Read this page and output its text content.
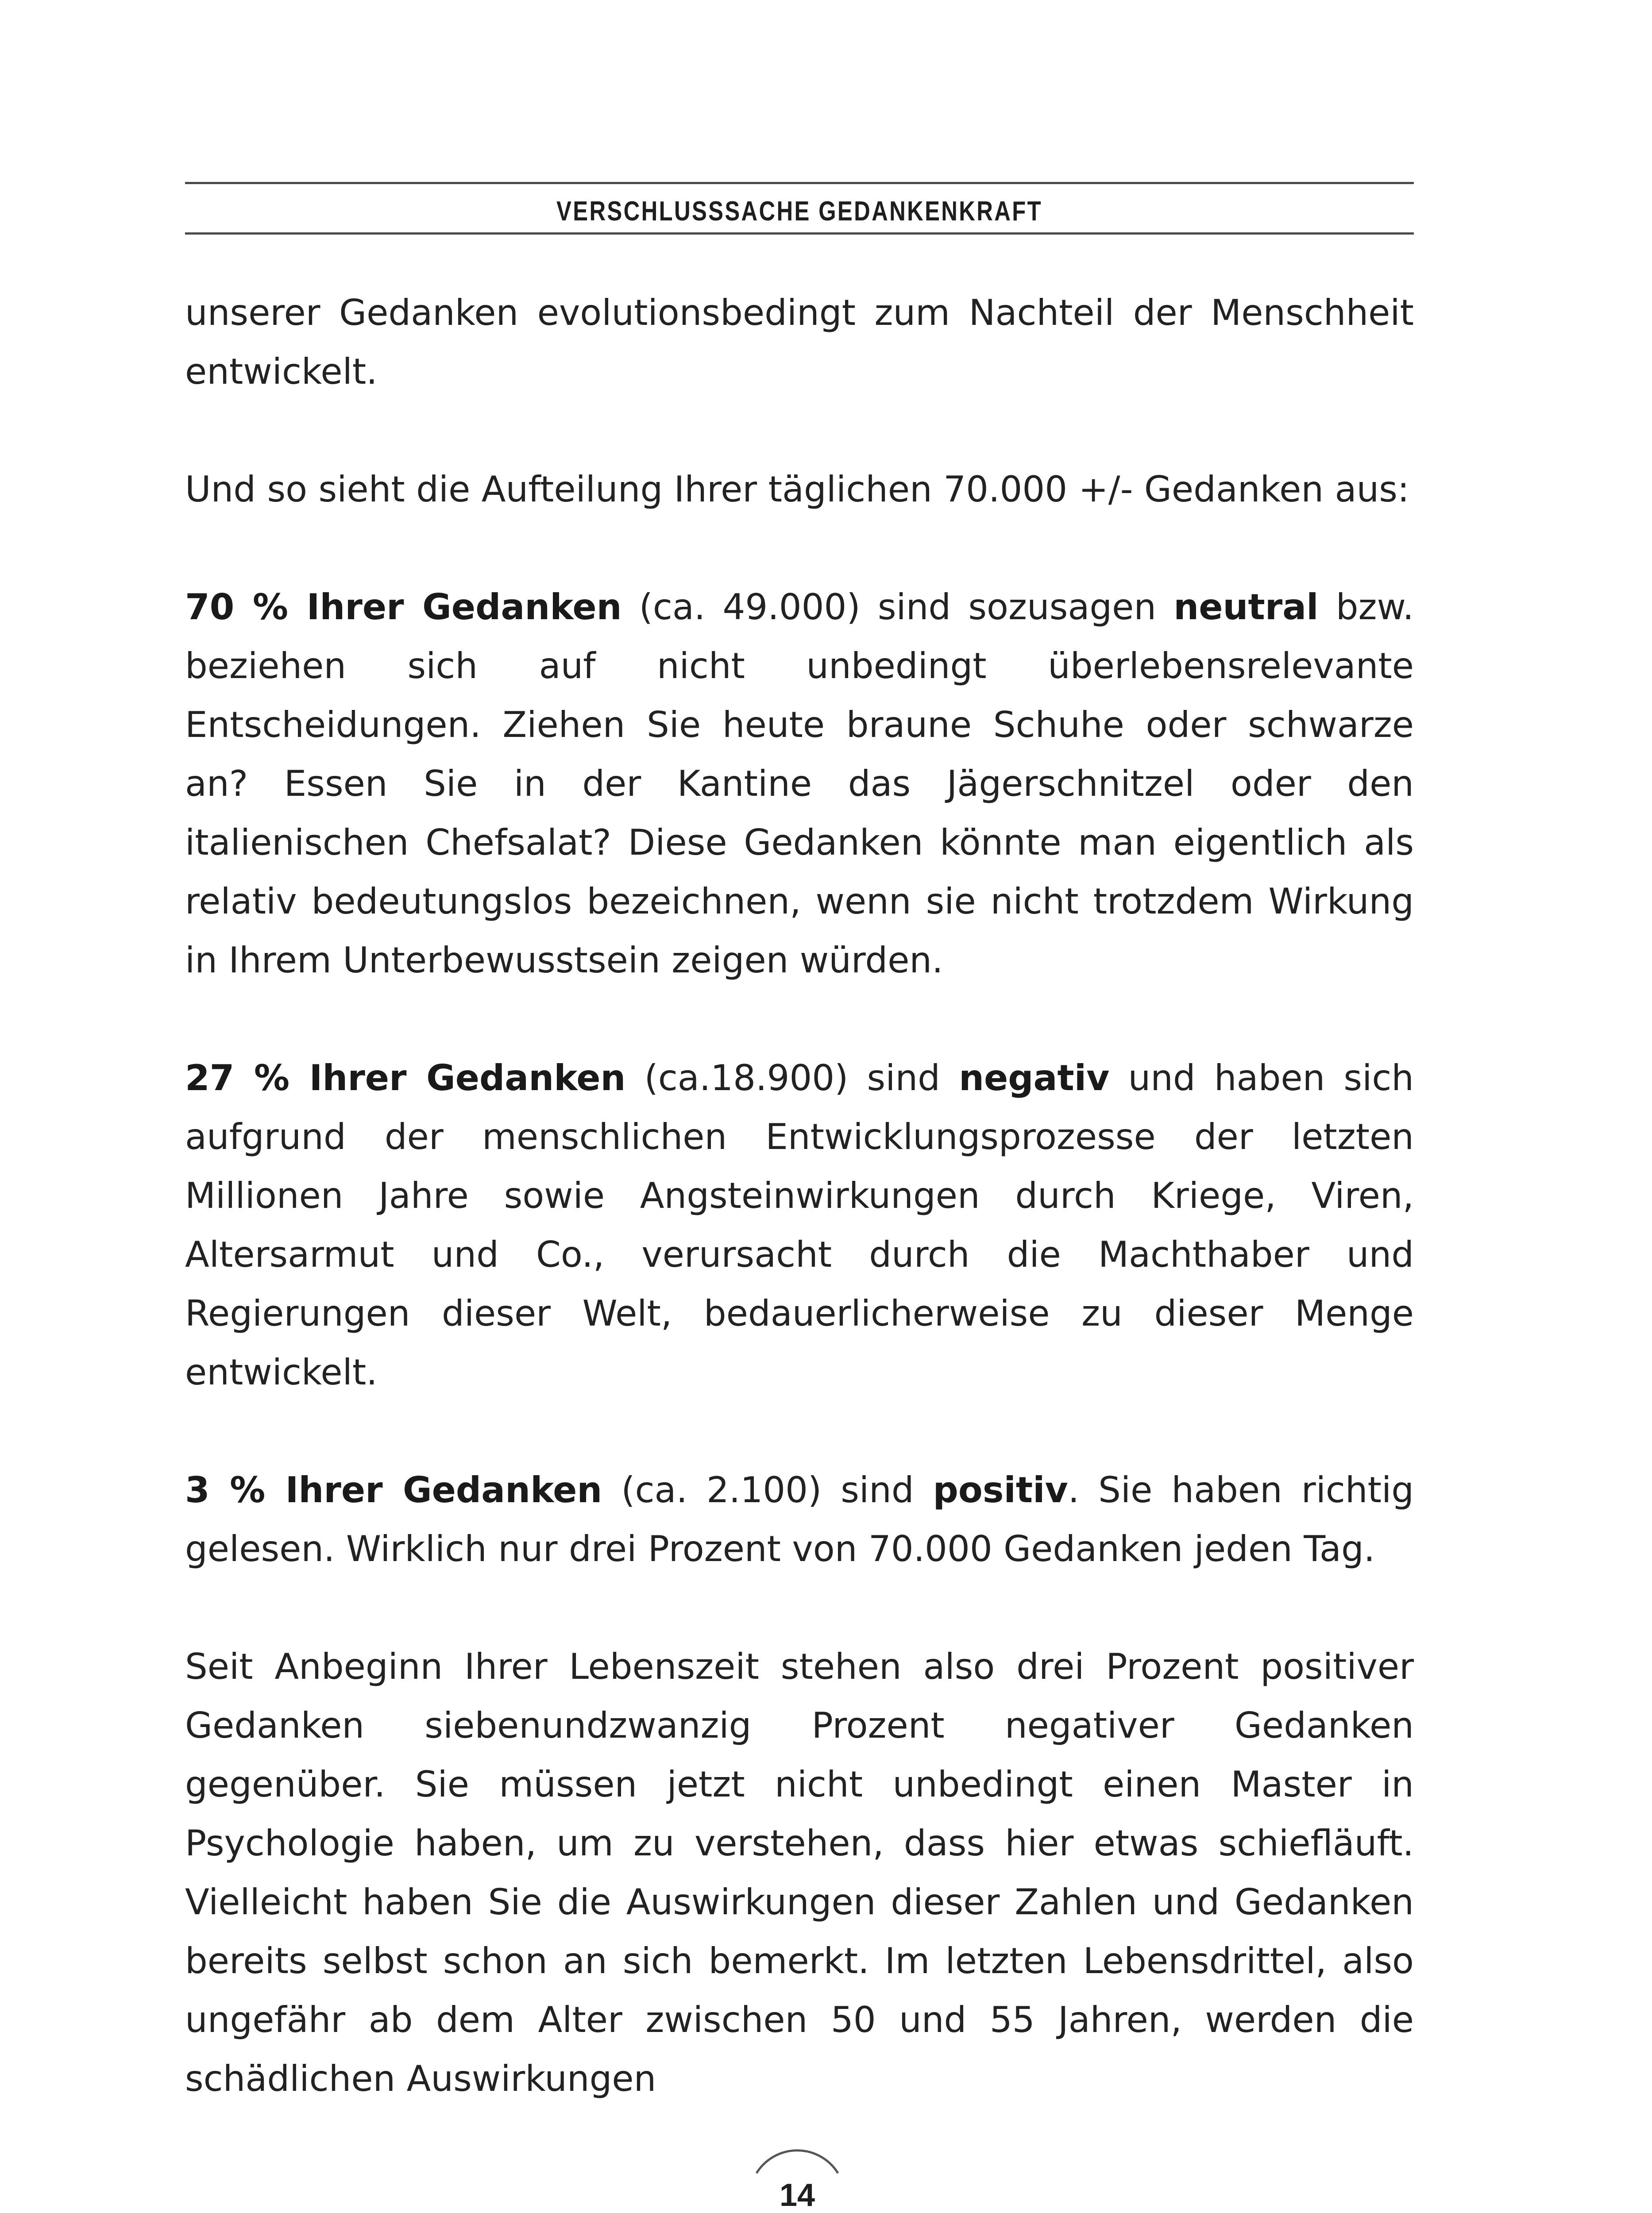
VERSCHLUSSSACHE GEDANKENKRAFT

unserer Gedanken evolutionsbedingt zum Nachteil der Menschheit entwickelt.

Und so sieht die Aufteilung Ihrer täglichen 70.000 +/- Gedanken aus:

70 % Ihrer Gedanken (ca. 49.000) sind sozusagen neutral bzw. beziehen sich auf nicht unbedingt überlebensrelevante Entscheidungen. Ziehen Sie heute braune Schuhe oder schwarze an? Essen Sie in der Kantine das Jägerschnitzel oder den italienischen Chefsalat? Diese Gedanken könnte man eigentlich als relativ bedeutungslos bezeichnen, wenn sie nicht trotzdem Wirkung in Ihrem Unterbewusstsein zeigen würden.

27 % Ihrer Gedanken (ca.18.900) sind negativ und haben sich aufgrund der menschlichen Entwicklungsprozesse der letzten Millionen Jahre sowie Angsteinwirkungen durch Kriege, Viren, Altersarmut und Co., verursacht durch die Machthaber und Regierungen dieser Welt, bedauerlicherweise zu dieser Menge entwickelt.

3 % Ihrer Gedanken (ca. 2.100) sind positiv. Sie haben richtig gelesen. Wirklich nur drei Prozent von 70.000 Gedanken jeden Tag.

Seit Anbeginn Ihrer Lebenszeit stehen also drei Prozent positiver Gedanken siebenundzwanzig Prozent negativer Gedanken gegenüber. Sie müssen jetzt nicht unbedingt einen Master in Psychologie haben, um zu verstehen, dass hier etwas schiefläuft. Vielleicht haben Sie die Auswirkungen dieser Zahlen und Gedanken bereits selbst schon an sich bemerkt. Im letzten Lebensdrittel, also ungefähr ab dem Alter zwischen 50 und 55 Jahren, werden die schädlichen Auswirkungen

14
